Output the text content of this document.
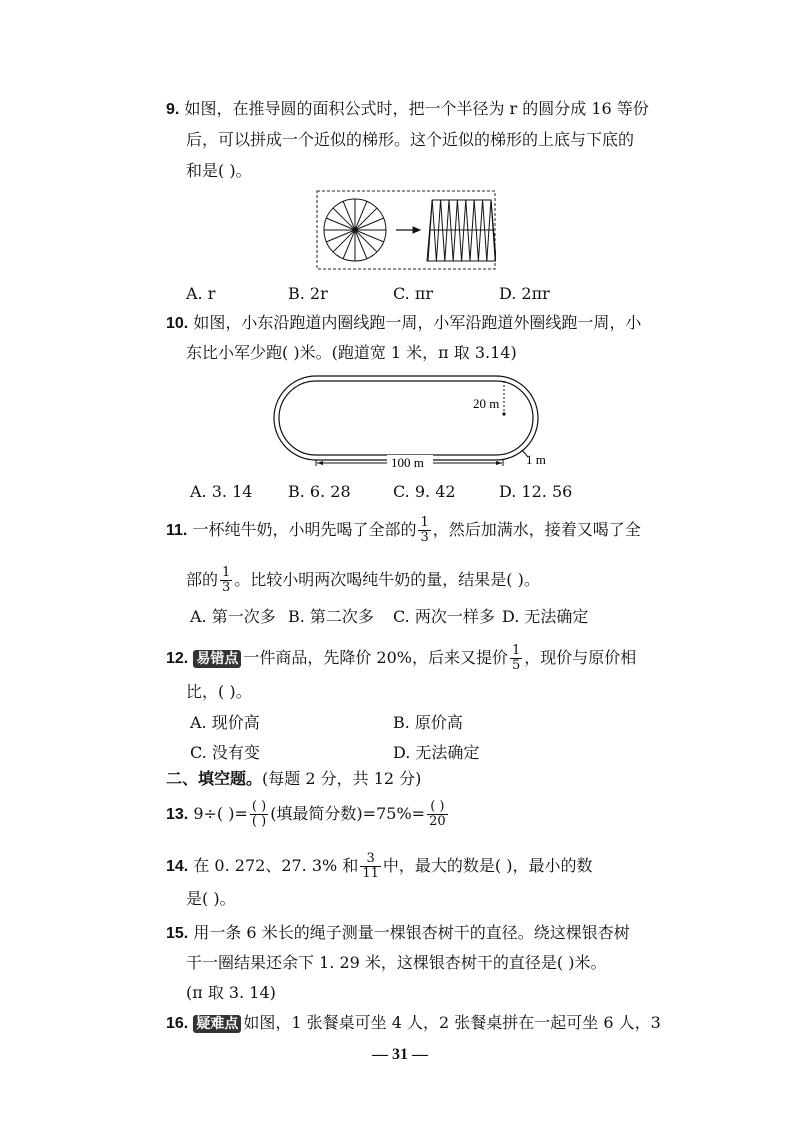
9. 如图，在推导圆的面积公式时，把一个半径为 r 的圆分成 16 等份
后，可以拼成一个近似的梯形。这个近似的梯形的上底与下底的
和是( )。
A. r	B. 2r	C. πr	D. 2πr
10. 如图，小东沿跑道内圈线跑一周，小军沿跑道外圈线跑一周，小
东比小军少跑( )米。(跑道宽 1 米，π 取 3.14)
20 m
100 m	1 m
A. 3. 14 B. 6. 28	C. 9. 42	D. 12. 56
11. 一杯纯牛奶，小明先喝了全部的 $\frac{1}{3}$ ，然后加满水，接着又喝了全
部的 $\frac{1}{3}$ 。比较小明两次喝纯牛奶的量，结果是( )。
A. 第一次多 B. 第二次多 C. 两次一样多 D. 无法确定
12. 易错点 一件商品，先降价 20%，后来又提价 $\frac{1}{5}$ ，现价与原价相
比，( )。
A. 现价高	B. 原价高
C. 没有变	D. 无法确定
二、填空题。(每题 2 分，共 12 分)
13. 9÷( )= $\frac{( )}{( )}$ (填最简分数)$=75\%= \frac{( )}{20}$
14. 在 0. 272、27. 3% 和 $\frac{3}{11}$ 中，最大的数是( )，最小的数
是( )。
15. 用一条 6 米长的绳子测量一棵银杏树干的直径。绕这棵银杏树
干一圈结果还余下 1. 29 米，这棵银杏树干的直径是( )米。
(π 取 3. 14)
16. 疑难点 如图，1 张餐桌可坐 4 人，2 张餐桌拼在一起可坐 6 人，3
— 31 —
